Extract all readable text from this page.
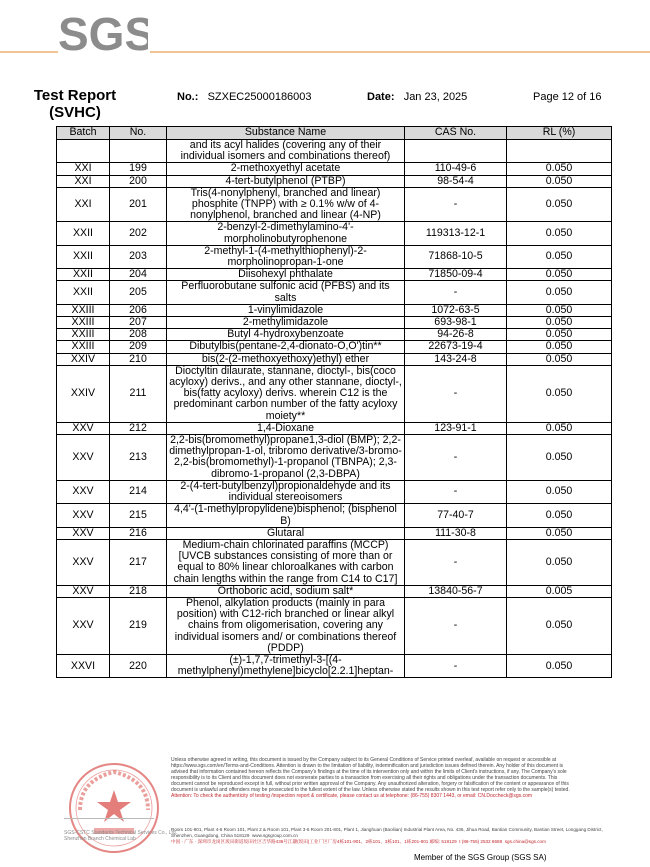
SGS
Test Report (SVHC)
No.: SZXEC25000186003	Date: Jan 23, 2025	Page 12 of 16
Batch	No.	Substance Name	CAS No.	RL (%)
		and its acyl halides (covering any of their individual isomers and combinations thereof)		
XXI	199	2-methoxyethyl acetate	110-49-6	0.050
XXI	200	4-tert-butylphenol (PTBP)	98-54-4	0.050
XXI	201	Tris(4-nonylphenyl, branched and linear) phosphite (TNPP) with ≥ 0.1% w/w of 4-nonylphenol, branched and linear (4-NP)	-	0.050
XXII	202	2-benzyl-2-dimethylamino-4'-morpholinobutyrophenone	119313-12-1	0.050
XXII	203	2-methyl-1-(4-methylthiophenyl)-2-morpholinopropan-1-one	71868-10-5	0.050
XXII	204	Diisohexyl phthalate	71850-09-4	0.050
XXII	205	Perfluorobutane sulfonic acid (PFBS) and its salts	-	0.050
XXIII	206	1-vinylimidazole	1072-63-5	0.050
XXIII	207	2-methylimidazole	693-98-1	0.050
XXIII	208	Butyl 4-hydroxybenzoate	94-26-8	0.050
XXIII	209	Dibutylbis(pentane-2,4-dionato-O,O')tin**	22673-19-4	0.050
XXIV	210	bis(2-(2-methoxyethoxy)ethyl) ether	143-24-8	0.050
XXIV	211	Dioctyltin dilaurate, stannane, dioctyl-, bis(coco acyloxy) derivs., and any other stannane, dioctyl-, bis(fatty acyloxy) derivs. wherein C12 is the predominant carbon number of the fatty acyloxy moiety**	-	0.050
XXV	212	1,4-Dioxane	123-91-1	0.050
XXV	213	2,2-bis(bromomethyl)propane1,3-diol (BMP); 2,2-dimethylpropan-1-ol, tribromo derivative/3-bromo-2,2-bis(bromomethyl)-1-propanol (TBNPA); 2,3-dibromo-1-propanol (2,3-DBPA)	-	0.050
XXV	214	2-(4-tert-butylbenzyl)propionaldehyde and its individual stereoisomers	-	0.050
XXV	215	4,4'-(1-methylpropylidene)bisphenol; (bisphenol B)	77-40-7	0.050
XXV	216	Glutaral	111-30-8	0.050
XXV	217	Medium-chain chlorinated paraffins (MCCP) [UVCB substances consisting of more than or equal to 80% linear chloroalkanes with carbon chain lengths within the range from C14 to C17]	-	0.050
XXV	218	Orthoboric acid, sodium salt*	13840-56-7	0.005
XXV	219	Phenol, alkylation products (mainly in para position) with C12-rich branched or linear alkyl chains from oligomerisation, covering any individual isomers and/ or combinations thereof (PDDP)	-	0.050
XXVI	220	(±)-1,7,7-trimethyl-3-[(4-methylphenyl)methylene]bicyclo[2.2.1]heptan-	-	0.050
Unless otherwise agreed in writing, this document is issued by the Company subject to its General Conditions of Service printed overleaf, available on request or accessible at https://www.sgs.com/en/Terms-and-Conditions. Attention is drawn to the limitation of liability, indemnification and jurisdiction issues defined therein. Any holder of this document is advised that information contained hereon reflects the Company's findings at the time of its intervention only and within the limits of Client's instructions, if any. The Company's sole responsibility is to its Client and this document does not exonerate parties to a transaction from exercising all their rights and obligations under the transaction documents. This document cannot be reproduced except in full, without prior written approval of the Company. Any unauthorized alteration, forgery or falsification of the content or appearance of this document is unlawful and offenders may be prosecuted to the fullest extent of the law. Unless otherwise stated the results shown in this test report refer only to the sample(s) tested.
Attention: To check the authenticity of testing /inspection report & certificate, please contact us at telephone: (86-755) 8307 1443, or email: CN.Doccheck@sgs.com
SGS-CSTC Standards Technical Services Co., Ltd.
Shenzhen Branch Chemical Lab
Room 101-901, Plant 4-6 Room 101, Plant 2 & Room 101, Plant 3-6 Room 201-801, Plant 1, Jianghuan (Baoliian) Industrial Plant Area, No. 436, Jihua Road, Bantian Community, Bantian Street, Longgang District, Shenzhen, Guangdong, China 518129 www.sgsgroup.com.cn
中国 · 广东 · 深圳市龙岗区坂田街道坂田社区吉华路436号江灏(坂田)工业厂区厂房4栋101-901、2栋101、3栋101、1栋201-801 邮编: 518129 t (86-755) 2532 8688 sgs.china@sgs.com
Member of the SGS Group (SGS SA)
